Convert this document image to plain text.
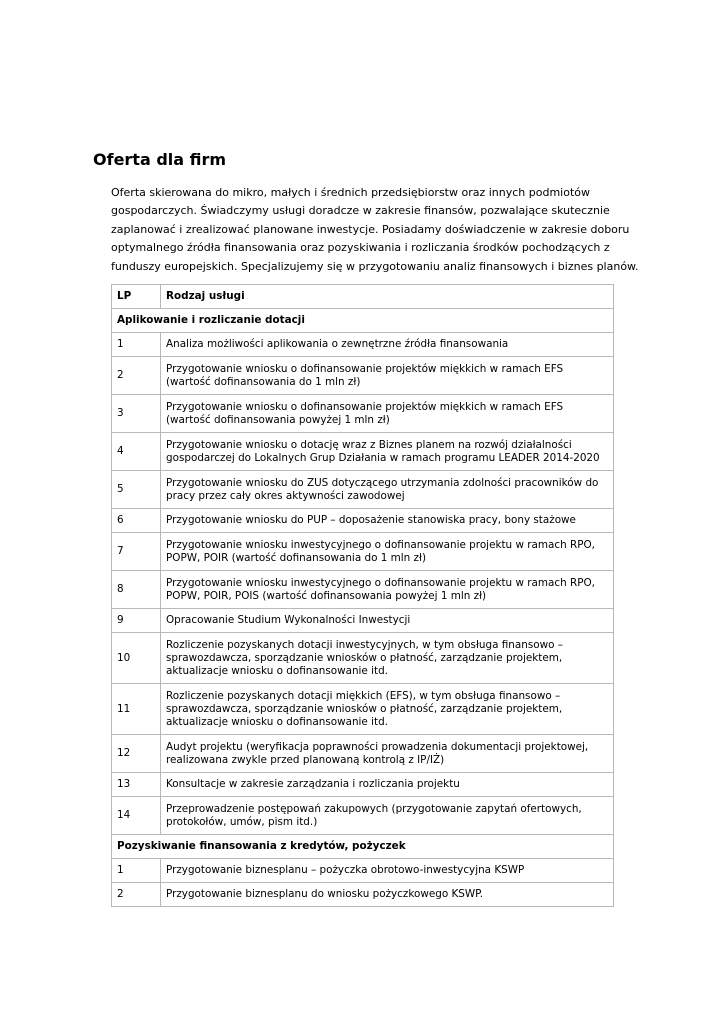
Oferta dla firm

Oferta skierowana do mikro, małych i średnich przedsiębiorstw oraz innych podmiotów gospodarczych. Świadczymy usługi doradcze w zakresie finansów, pozwalające skutecznie zaplanować i zrealizować planowane inwestycje. Posiadamy doświadczenie w zakresie doboru optymalnego źródła finansowania oraz pozyskiwania i rozliczania środków pochodzących z funduszy europejskich. Specjalizujemy się w przygotowaniu analiz finansowych i biznes planów.

LP	Rodzaj usługi
Aplikowanie i rozliczanie dotacji	
1	Analiza możliwości aplikowania o zewnętrzne źródła finansowania
2	Przygotowanie wniosku o dofinansowanie projektów miękkich w ramach EFS (wartość dofinansowania do 1 mln zł)
3	Przygotowanie wniosku o dofinansowanie projektów miękkich w ramach EFS (wartość dofinansowania powyżej 1 mln zł)
4	Przygotowanie wniosku o dotację wraz z Biznes planem na rozwój działalności gospodarczej do Lokalnych Grup Działania w ramach programu LEADER 2014-2020
5	Przygotowanie wniosku do ZUS dotyczącego utrzymania zdolności pracowników do pracy przez cały okres aktywności zawodowej
6	Przygotowanie wniosku do PUP – doposażenie stanowiska pracy, bony stażowe
7	Przygotowanie wniosku inwestycyjnego o dofinansowanie projektu w ramach RPO, POPW, POIR (wartość dofinansowania do 1 mln zł)
8	Przygotowanie wniosku inwestycyjnego o dofinansowanie projektu w ramach RPO, POPW, POIR, POIS (wartość dofinansowania powyżej 1 mln zł)
9	Opracowanie Studium Wykonalności Inwestycji
10	Rozliczenie pozyskanych dotacji inwestycyjnych, w tym obsługa finansowo – sprawozdawcza, sporządzanie wniosków o płatność, zarządzanie projektem, aktualizacje wniosku o dofinansowanie itd.
11	Rozliczenie pozyskanych dotacji miękkich (EFS), w tym obsługa finansowo – sprawozdawcza, sporządzanie wniosków o płatność, zarządzanie projektem, aktualizacje wniosku o dofinansowanie itd.
12	Audyt projektu (weryfikacja poprawności prowadzenia dokumentacji projektowej, realizowana zwykle przed planowaną kontrolą z IP/IŻ)
13	Konsultacje w zakresie zarządzania i rozliczania projektu
14	Przeprowadzenie postępowań zakupowych (przygotowanie zapytań ofertowych, protokołów, umów, pism itd.)
Pozyskiwanie finansowania z kredytów, pożyczek	
1	Przygotowanie biznesplanu – pożyczka obrotowo-inwestycyjna KSWP
2	Przygotowanie biznesplanu do wniosku pożyczkowego KSWP.
